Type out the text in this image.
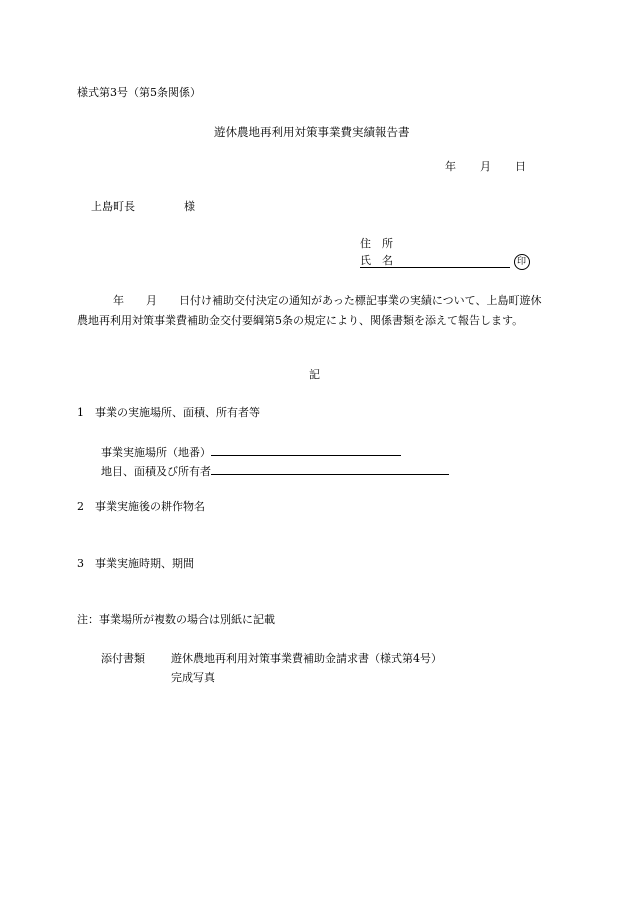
様式第3号（第5条関係）
遊休農地再利用対策事業費実績報告書
年 月 日
上島町長	様
住　所
氏　名	印
年　　月　　日付け補助交付決定の通知があった標記事業の実績について、上島町遊休農地再利用対策事業費補助金交付要綱第5条の規定により、関係書類を添えて報告します。
記
1　事業の実施場所、面積、所有者等
事業実施場所（地番）
地目、面積及び所有者
2　事業実施後の耕作物名
3　事業実施時期、期間
注：事業場所が複数の場合は別紙に記載
添付書類 遊休農地再利用対策事業費補助金請求書（様式第4号）
完成写真
